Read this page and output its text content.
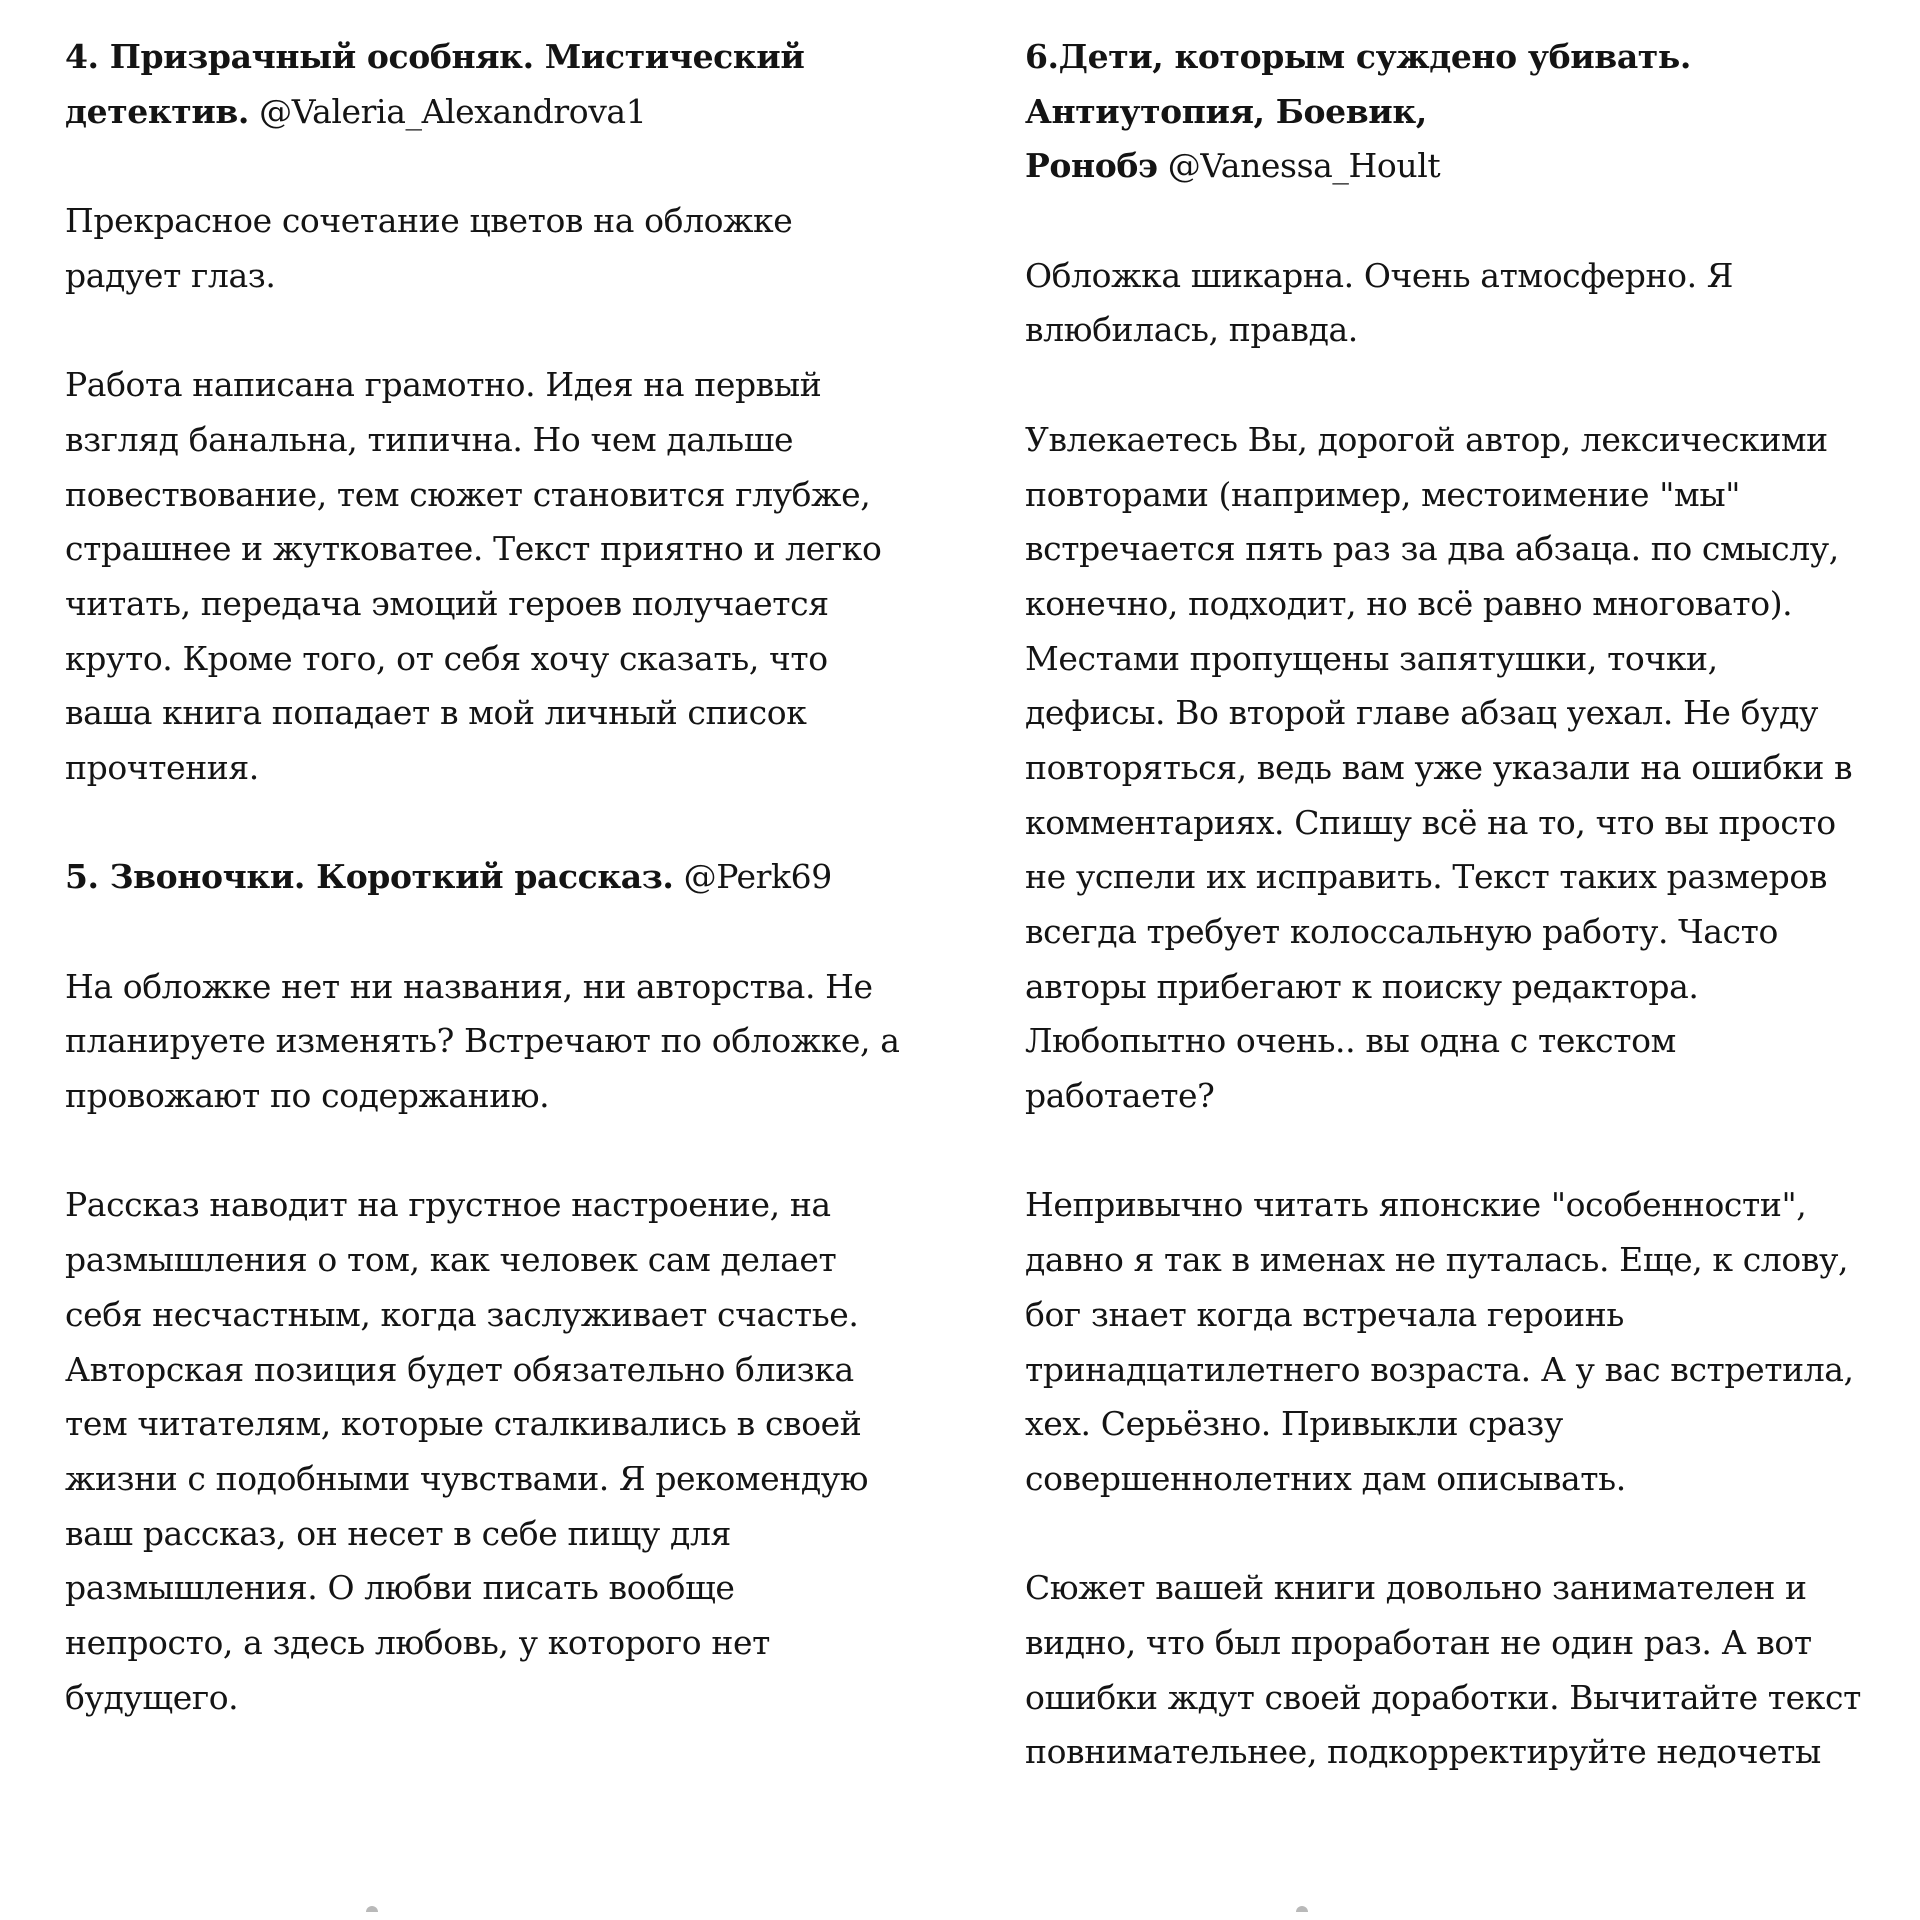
4. Призрачный особняк. Мистический
детектив. @Valeria_Alexandrova1
Прекрасное сочетание цветов на обложке
радует глаз.
Работа написана грамотно. Идея на первый
взгляд банальна, типична. Но чем дальше
повествование, тем сюжет становится глубже,
страшнее и жутковатее. Текст приятно и легко
читать, передача эмоций героев получается
круто. Кроме того, от себя хочу сказать, что
ваша книга попадает в мой личный список
прочтения.
5. Звоночки. Короткий рассказ. @Perk69
На обложке нет ни названия, ни авторства. Не
планируете изменять? Встречают по обложке, а
провожают по содержанию.
Рассказ наводит на грустное настроение, на
размышления о том, как человек сам делает
себя несчастным, когда заслуживает счастье.
Авторская позиция будет обязательно близка
тем читателям, которые сталкивались в своей
жизни с подобными чувствами. Я рекомендую
ваш рассказ, он несет в себе пищу для
размышления. О любви писать вообще
непросто, а здесь любовь, у которого нет
будущего.
6.Дети, которым суждено убивать.
Антиутопия, Боевик,
Ронобэ @Vanessa_Hoult
Обложка шикарна. Очень атмосферно. Я
влюбилась, правда.
Увлекаетесь Вы, дорогой автор, лексическими
повторами (например, местоимение "мы"
встречается пять раз за два абзаца. по смыслу,
конечно, подходит, но всё равно многовато).
Местами пропущены запятушки, точки,
дефисы. Во второй главе абзац уехал. Не буду
повторяться, ведь вам уже указали на ошибки в
комментариях. Спишу всё на то, что вы просто
не успели их исправить. Текст таких размеров
всегда требует колоссальную работу. Часто
авторы прибегают к поиску редактора.
Любопытно очень.. вы одна с текстом
работаете?
Непривычно читать японские "особенности",
давно я так в именах не путалась. Еще, к слову,
бог знает когда встречала героинь
тринадцатилетнего возраста. А у вас встретила,
хех. Серьёзно. Привыкли сразу
совершеннолетних дам описывать.
Сюжет вашей книги довольно занимателен и
видно, что был проработан не один раз. А вот
ошибки ждут своей доработки. Вычитайте текст
повнимательнее, подкорректируйте недочеты
